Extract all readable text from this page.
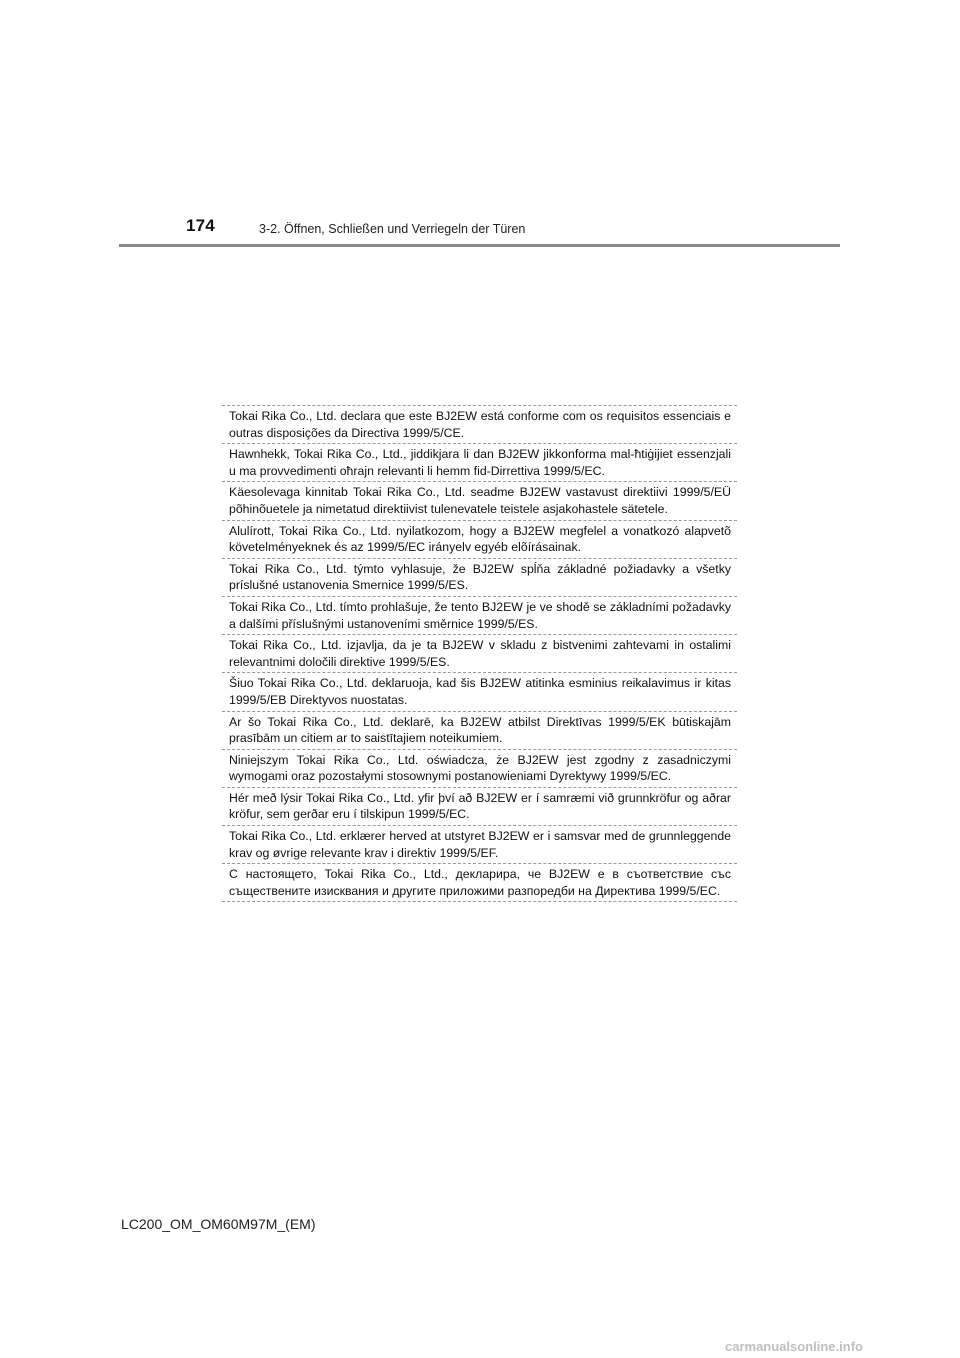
174	3-2. Öffnen, Schließen und Verriegeln der Türen
Tokai Rika Co., Ltd. declara que este BJ2EW está conforme com os requisitos essenciais e outras disposições da Directiva 1999/5/CE.
Hawnhekk, Tokai Rika Co., Ltd., jiddikjara li dan BJ2EW jikkonforma mal-ħtiġijiet essenzjali u ma provvedimenti oħrajn relevanti li hemm fid-Dirrettiva 1999/5/EC.
Käesolevaga kinnitab Tokai Rika Co., Ltd. seadme BJ2EW vastavust direktiivi 1999/5/EÜ põhinõuetele ja nimetatud direktiivist tulenevatele teistele asjakohastele sätetele.
Alulírott, Tokai Rika Co., Ltd. nyilatkozom, hogy a BJ2EW megfelel a vonatkozó alapvetõ követelményeknek és az 1999/5/EC irányelv egyéb elõírásainak.
Tokai Rika Co., Ltd. týmto vyhlasuje, že BJ2EW spĺňa základné požiadavky a všetky príslušné ustanovenia Smernice 1999/5/ES.
Tokai Rika Co., Ltd. tímto prohlašuje, že tento BJ2EW je ve shodě se základními požadavky a dalšími příslušnými ustanoveními směrnice 1999/5/ES.
Tokai Rika Co., Ltd. izjavlja, da je ta BJ2EW v skladu z bistvenimi zahtevami in ostalimi relevantnimi določili direktive 1999/5/ES.
Šiuo Tokai Rika Co., Ltd. deklaruoja, kad šis BJ2EW atitinka esminius reikalavimus ir kitas 1999/5/EB Direktyvos nuostatas.
Ar šo Tokai Rika Co., Ltd. deklarē, ka BJ2EW atbilst Direktīvas 1999/5/EK būtiskajām prasībām un citiem ar to saistītajiem noteikumiem.
Niniejszym Tokai Rika Co., Ltd. oświadcza, że BJ2EW jest zgodny z zasadniczymi wymogami oraz pozostałymi stosownymi postanowieniami Dyrektywy 1999/5/EC.
Hér með lýsir Tokai Rika Co., Ltd. yfir því að BJ2EW er í samræmi við grunnkröfur og aðrar kröfur, sem gerðar eru í tilskipun 1999/5/EC.
Tokai Rika Co., Ltd. erklærer herved at utstyret BJ2EW er i samsvar med de grunnleggende krav og øvrige relevante krav i direktiv 1999/5/EF.
С настоящето, Tokai Rika Co., Ltd., декларира, че BJ2EW е в съответствие със съществените изисквания и другите приложими разпоредби на Директива 1999/5/EC.
LC200_OM_OM60M97M_(EM)
carmanualsonline.info
